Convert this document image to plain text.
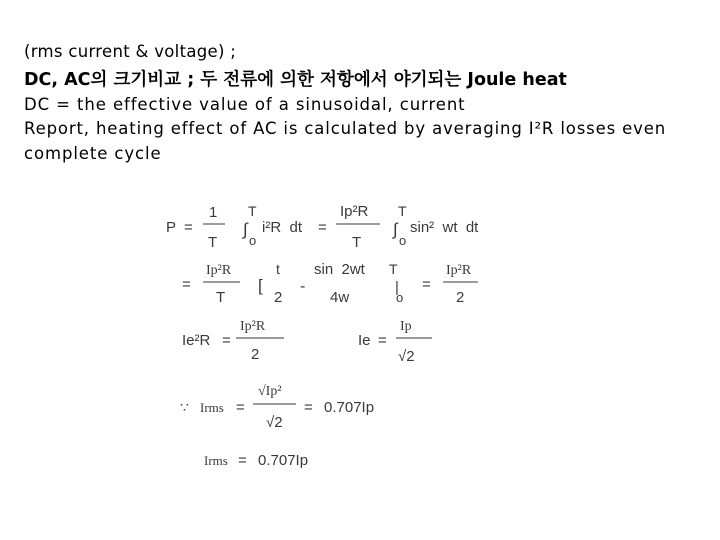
(rms current & voltage) ;
DC, AC의 크기비교 ; 두 전류에 의한 저항에서 야기되는 Joule heat
DC = the effective value of a sinusoidal, current
Report, heating effect of AC is calculated by averaging I²R losses even
complete cycle
P =
1
T
T
∫
o
i²R  dt =
Ip²R
T
T
∫
o
sin²  wt  dt
=
Ip²R
T
t
[
2
-
sin  2wt
4w
T
|
o
=
Ip²R
2
Ie²R =
Ip²R
2
Ie =
Ip
√2
∵ Irms =
√Ip²
√2
= 0.707Ip
Irms = 0.707Ip
